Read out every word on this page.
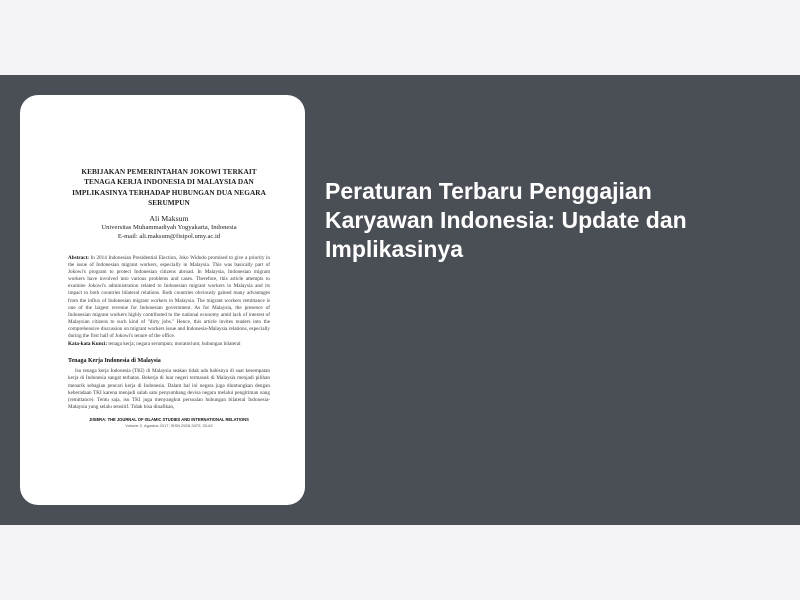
KEBIJAKAN PEMERINTAHAN JOKOWI TERKAIT TENAGA KERJA INDONESIA DI MALAYSIA DAN IMPLIKASINYA TERHADAP HUBUNGAN DUA NEGARA SERUMPUN

Ali Maksum
Universitas Muhammadiyah Yogyakarta, Indonesia
E-mail: ali.maksum@fisipol.umy.ac.id
Abstract: In 2014 Indonesian Presidential Election, Joko Widodo promised to give a priority in the issue of Indonesian migrant workers, especially in Malaysia. This was basically part of Jokowi's program to protect Indonesian citizens abroad. In Malaysia, Indonesian migrant workers have involved into various problems and cases. Therefore, this article attempts to examine Jokowi's administration related to Indonesian migrant workers in Malaysia and its impact to both countries bilateral relations. Both countries obviously gained many advantages from the influx of Indonesian migrant workers in Malaysia. The migrant workers remittance is one of the largest revenue for Indonesian government. As for Malaysia, the presence of Indonesian migrant workers highly contributed to the national economy amid lack of interest of Malaysian citizens to such kind of "dirty jobs." Hence, this article invites readers into the comprehensive discussion on migrant workers issue and Indonesia-Malaysia relations, especially during the first half of Jokowi's tenure of the office.
Kata-kata Kunci: tenaga kerja; negara serumpun; moratorium; hubungan bilateral
Tenaga Kerja Indonesia di Malaysia
Isu tenaga kerja Indonesia (TKI) di Malaysia seakan tidak ada habisnya di saat kesempatan kerja di Indonesia sangat terbatas. Bekerja di luar negeri termasuk di Malaysia menjadi pilihan menarik sebagian pencari kerja di Indonesia. Dalam hal ini negara juga diuntungkan dengan keberadaan TKI karena menjadi salah satu penyumbang devisa negara melalui pengiriman uang (remittance). Tentu saja, isu TKI juga menyangkut persoalan hubungan bilateral Indonesia-Malaysia yang selalu sensitif. Tidak bisa dinafikan,
JISIERA: THE JOURNAL OF ISLAMIC STUDIES AND INTERNATIONAL RELATIONS
Volume 2, Agustus 2017; ISSN 2528-3472; 33-62
Peraturan Terbaru Penggajian Karyawan Indonesia: Update dan Implikasinya
